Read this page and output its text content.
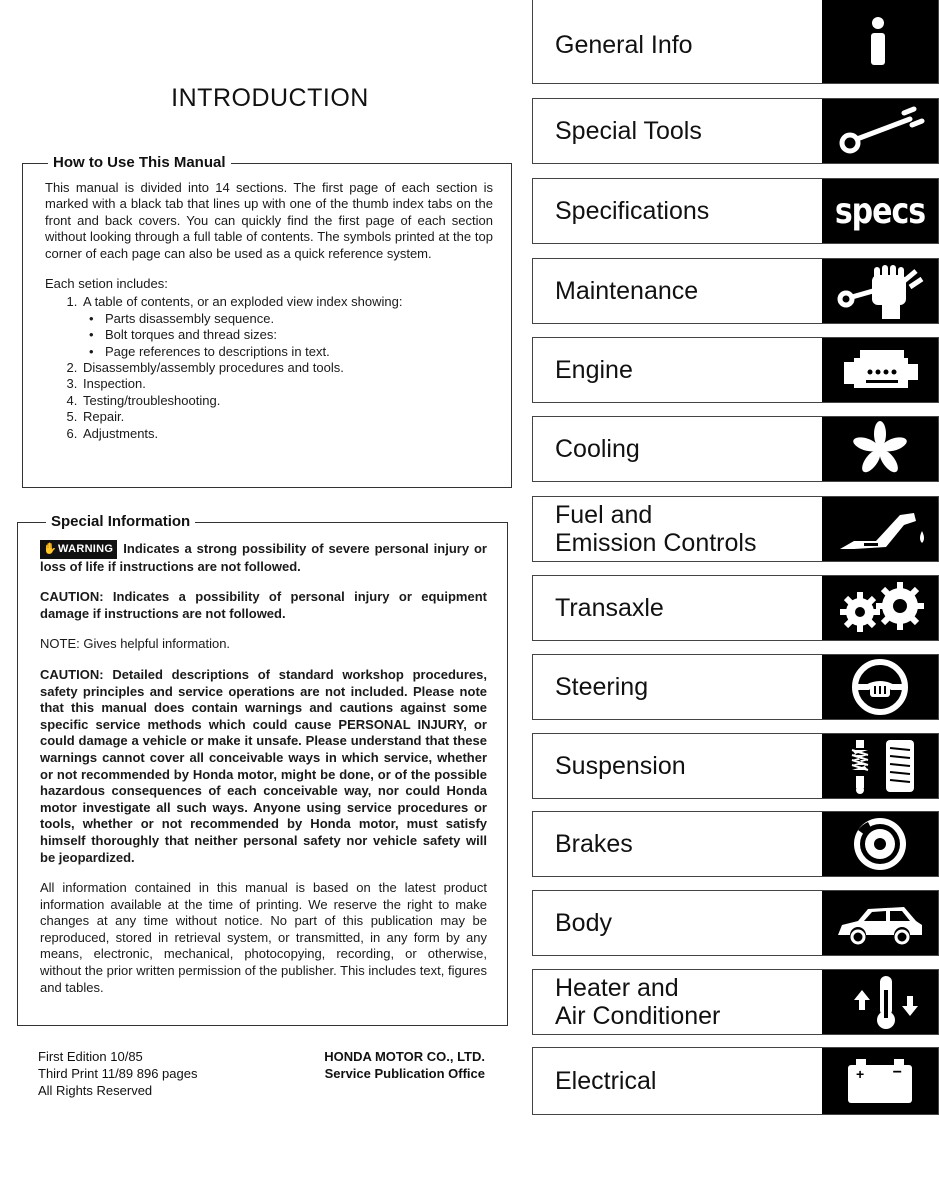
INTRODUCTION
How to Use This Manual

This manual is divided into 14 sections. The first page of each section is marked with a black tab that lines up with one of the thumb index tabs on the front and back covers. You can quickly find the first page of each section without looking through a full table of contents. The symbols printed at the top corner of each page can also be used as a quick reference system.

Each setion includes:

1. A table of contents, or an exploded view index showing:
• Parts disassembly sequence.
• Bolt torques and thread sizes:
• Page references to descriptions in text.
2. Disassembly/assembly procedures and tools.
3. Inspection.
4. Testing/troubleshooting.
5. Repair.
6. Adjustments.
Special Information
✋WARNING Indicates a strong possibility of severe personal injury or loss of life if instructions are not followed.
CAUTION: Indicates a possibility of personal injury or equipment damage if instructions are not followed.
NOTE: Gives helpful information.
CAUTION: Detailed descriptions of standard workshop procedures, safety principles and service operations are not included. Please note that this manual does contain warnings and cautions against some specific service methods which could cause PERSONAL INJURY, or could damage a vehicle or make it unsafe. Please understand that these warnings cannot cover all conceivable ways in which service, whether or not recommended by Honda motor, might be done, or of the possible hazardous consequences of each conceivable way, nor could Honda motor investigate all such ways. Anyone using service procedures or tools, whether or not recommended by Honda motor, must satisfy himself thoroughly that neither personal safety nor vehicle safety will be jeopardized.
All information contained in this manual is based on the latest product information available at the time of printing. We reserve the right to make changes at any time without notice. No part of this publication may be reproduced, stored in retrieval system, or transmitted, in any form by any means, electronic, mechanical, photocopying, recording, or otherwise, without the prior written permission of the publisher. This includes text, figures and tables.
First Edition 10/85
Third Print 11/89 896 pages
All Rights Reserved
HONDA MOTOR CO., LTD.
Service Publication Office
General Info
Special Tools
Specifications	specs
Maintenance
Engine
Cooling
Fuel and
Emission Controls
Transaxle
Steering
Suspension
Brakes
Body
Heater and
Air Conditioner
Electrical	+ −
